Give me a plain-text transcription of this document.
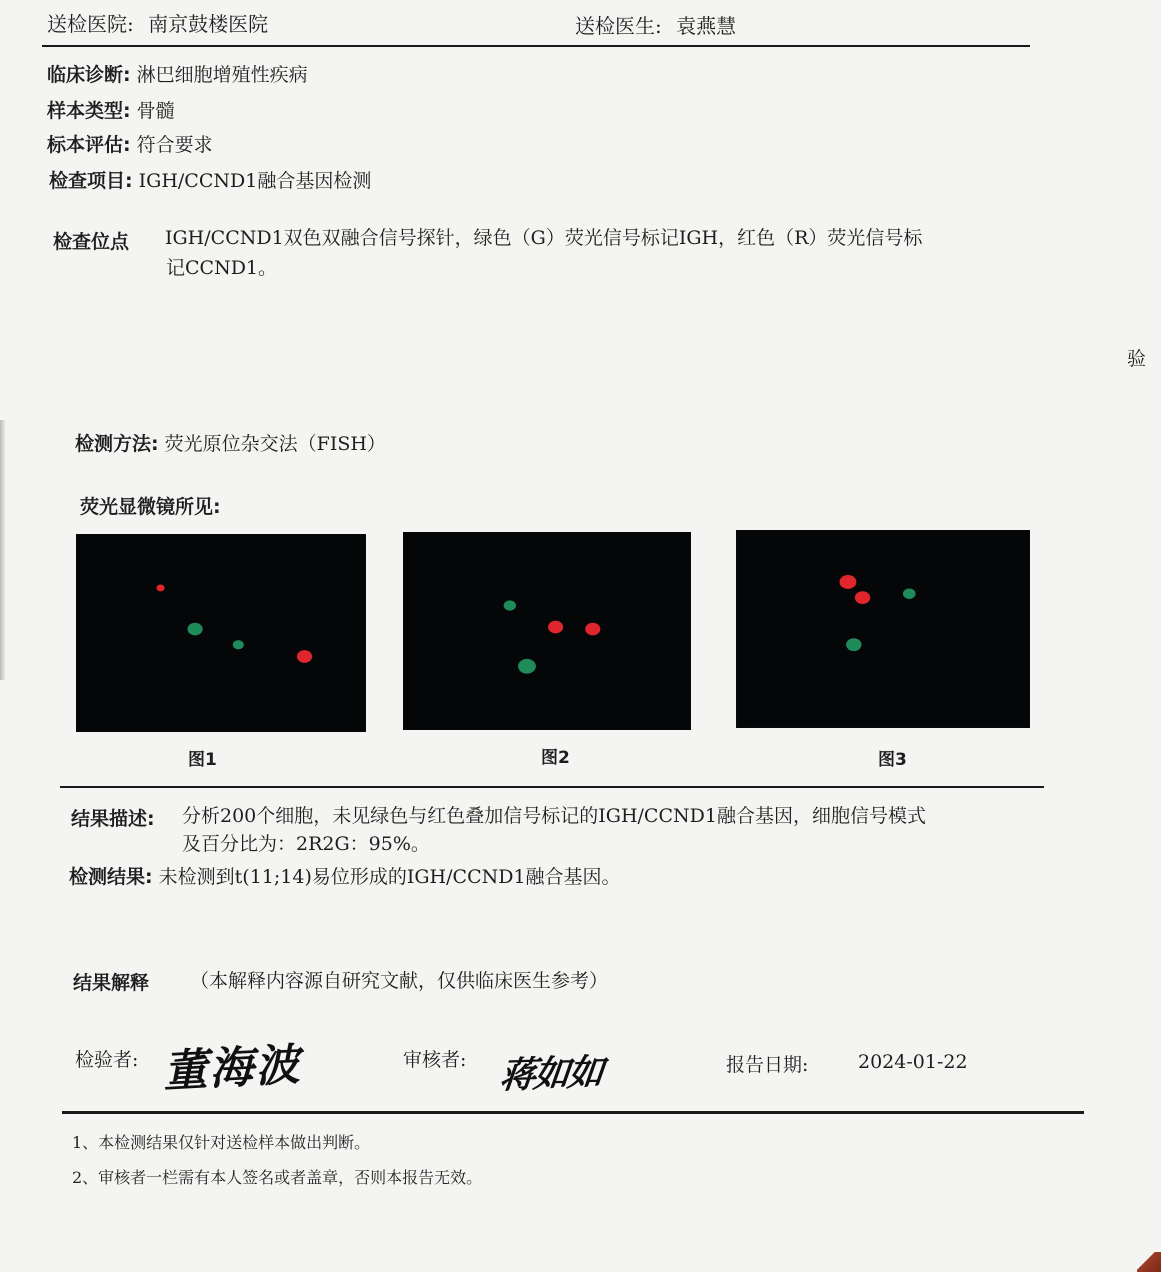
送检医院: 南京鼓楼医院	送检医生: 袁燕慧
临床诊断: 淋巴细胞增殖性疾病
样本类型: 骨髓
标本评估: 符合要求
检查项目: IGH/CCND1融合基因检测
检查位点 IGH/CCND1双色双融合信号探针，绿色（G）荧光信号标记IGH，红色（R）荧光信号标
记CCND1。
验
检测方法: 荧光原位杂交法（FISH）
荧光显微镜所见:
图1	图2	图3
结果描述: 分析200个细胞，未见绿色与红色叠加信号标记的IGH/CCND1融合基因，细胞信号模式
及百分比为：2R2G：95%。
检测结果: 未检测到t(11;14)易位形成的IGH/CCND1融合基因。
结果解释 （本解释内容源自研究文献，仅供临床医生参考）
检验者: 董海波	审核者: 蒋如如	报告日期:	2024-01-22
1、本检测结果仅针对送检样本做出判断。
2、审核者一栏需有本人签名或者盖章，否则本报告无效。
